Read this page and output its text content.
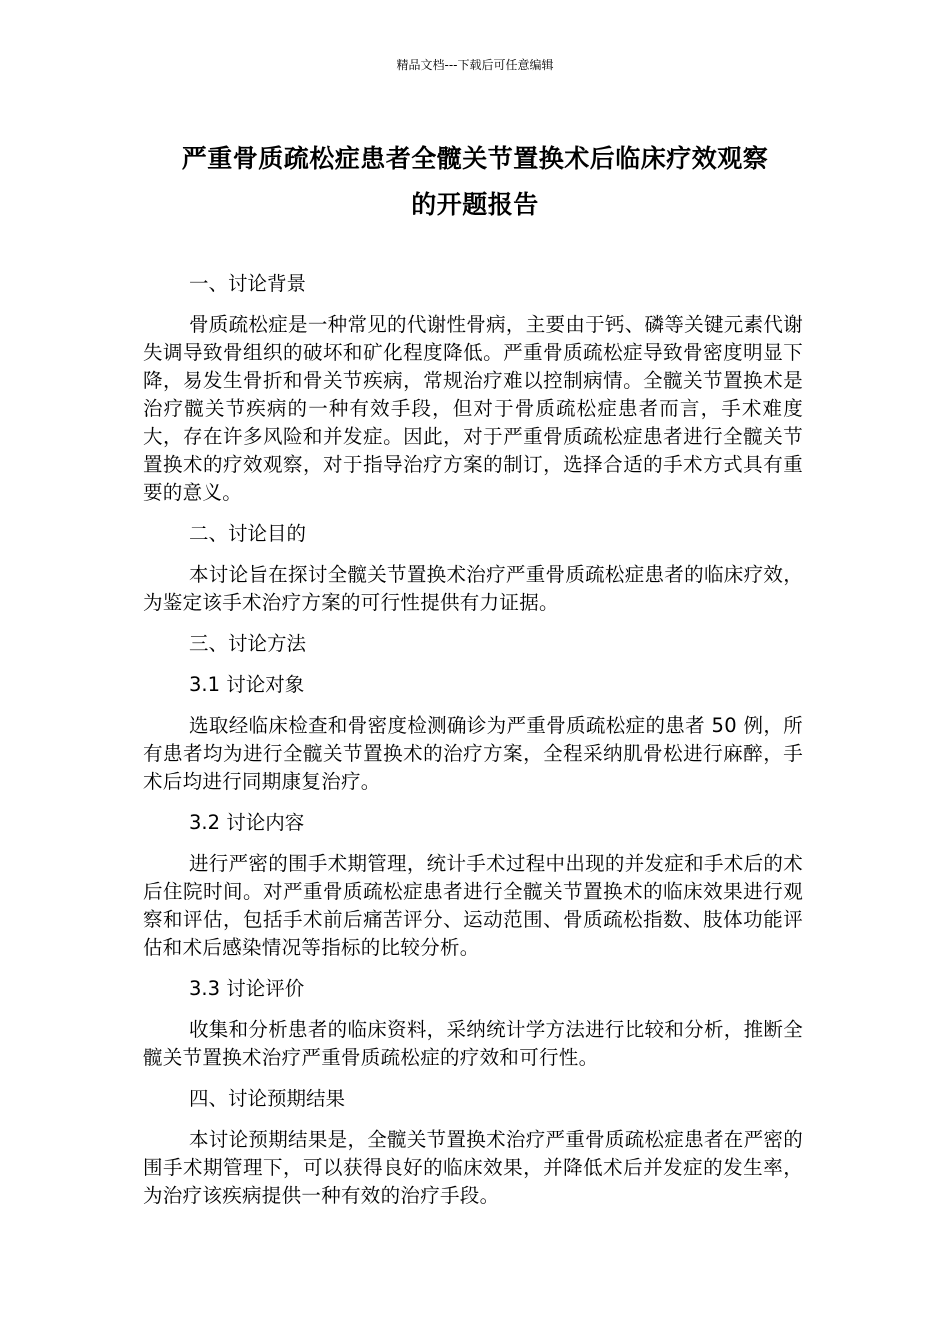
精品文档---下载后可任意编辑
严重骨质疏松症患者全髋关节置换术后临床疗效观察
的开题报告
一、讨论背景
骨质疏松症是一种常见的代谢性骨病，主要由于钙、磷等关键元素代谢失调导致骨组织的破坏和矿化程度降低。严重骨质疏松症导致骨密度明显下降，易发生骨折和骨关节疾病，常规治疗难以控制病情。全髋关节置换术是治疗髋关节疾病的一种有效手段，但对于骨质疏松症患者而言，手术难度大，存在许多风险和并发症。因此，对于严重骨质疏松症患者进行全髋关节置换术的疗效观察，对于指导治疗方案的制订，选择合适的手术方式具有重要的意义。
二、讨论目的
本讨论旨在探讨全髋关节置换术治疗严重骨质疏松症患者的临床疗效，为鉴定该手术治疗方案的可行性提供有力证据。
三、讨论方法
3.1 讨论对象
选取经临床检查和骨密度检测确诊为严重骨质疏松症的患者 50 例，所有患者均为进行全髋关节置换术的治疗方案，全程采纳肌骨松进行麻醉，手术后均进行同期康复治疗。
3.2 讨论内容
进行严密的围手术期管理，统计手术过程中出现的并发症和手术后的术后住院时间。对严重骨质疏松症患者进行全髋关节置换术的临床效果进行观察和评估，包括手术前后痛苦评分、运动范围、骨质疏松指数、肢体功能评估和术后感染情况等指标的比较分析。
3.3 讨论评价
收集和分析患者的临床资料，采纳统计学方法进行比较和分析，推断全髋关节置换术治疗严重骨质疏松症的疗效和可行性。
四、讨论预期结果
本讨论预期结果是，全髋关节置换术治疗严重骨质疏松症患者在严密的围手术期管理下，可以获得良好的临床效果，并降低术后并发症的发生率，为治疗该疾病提供一种有效的治疗手段。
